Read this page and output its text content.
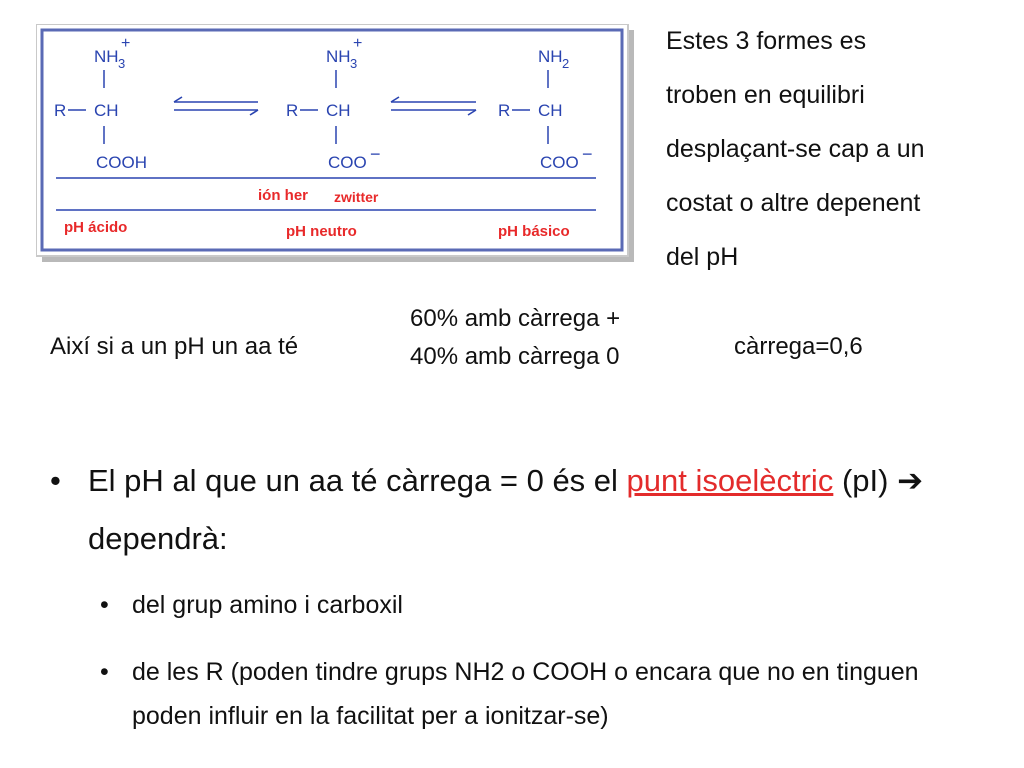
NH 3
+
R CH
COOH
NH 3
+
R CH
COO −
NH 2
R CH
COO −
ión her zwitter
pH ácido	pH neutro	pH básico
Estes 3 formes es
troben en equilibri
desplaçant-se cap a un
costat o altre depenent
del pH
Així si a un pH un aa té
60% amb càrrega +
40% amb càrrega 0	càrrega=0,6
• El pH al que un aa té càrrega = 0 és el punt isoelèctric (pI) ➔ dependrà:
• del grup amino i carboxil
• de les R (poden tindre grups NH2 o COOH o encara que no en tinguen poden influir en la facilitat per a ionitzar-se)
